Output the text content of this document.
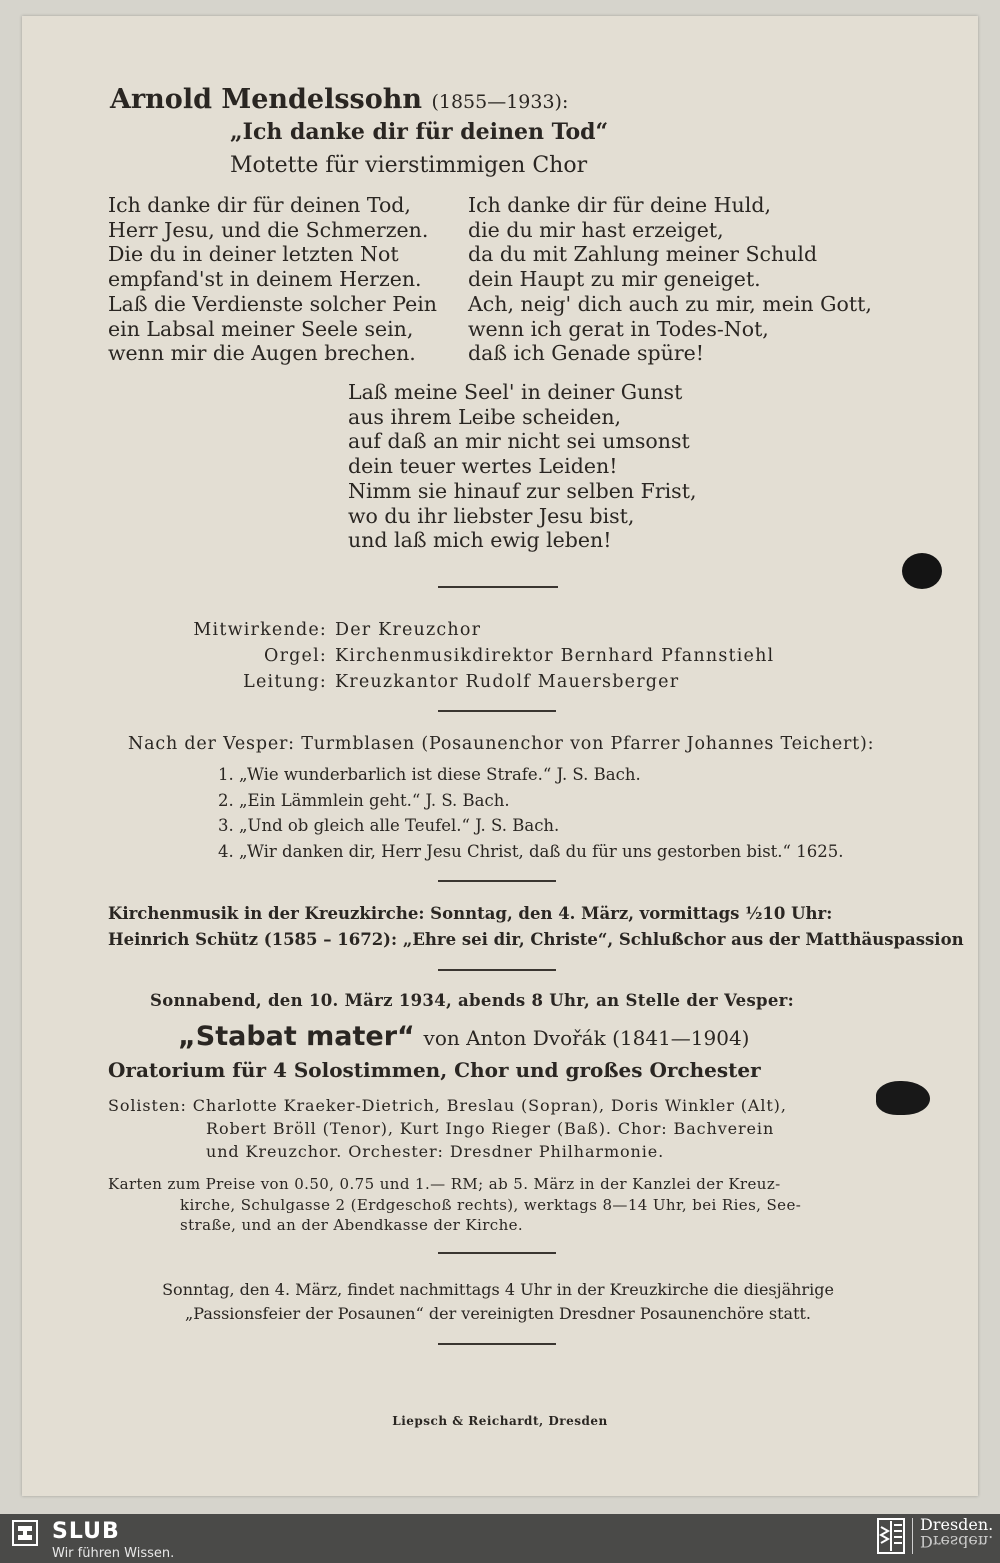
Arnold Mendelssohn (1855—1933):
„Ich danke dir für deinen Tod“
Motette für vierstimmigen Chor
Ich danke dir für deinen Tod,
Herr Jesu, und die Schmerzen.
Die du in deiner letzten Not
empfand'st in deinem Herzen.
Laß die Verdienste solcher Pein
ein Labsal meiner Seele sein,
wenn mir die Augen brechen.
Ich danke dir für deine Huld,
die du mir hast erzeiget,
da du mit Zahlung meiner Schuld
dein Haupt zu mir geneiget.
Ach, neig' dich auch zu mir, mein Gott,
wenn ich gerat in Todes-Not,
daß ich Genade spüre!
Laß meine Seel' in deiner Gunst
aus ihrem Leibe scheiden,
auf daß an mir nicht sei umsonst
dein teuer wertes Leiden!
Nimm sie hinauf zur selben Frist,
wo du ihr liebster Jesu bist,
und laß mich ewig leben!
Mitwirkende: Der Kreuzchor
Orgel: Kirchenmusikdirektor Bernhard Pfannstiehl
Leitung: Kreuzkantor Rudolf Mauersberger
Nach der Vesper: Turmblasen (Posaunenchor von Pfarrer Johannes Teichert):
1. „Wie wunderbarlich ist diese Strafe.“ J. S. Bach.
2. „Ein Lämmlein geht.“ J. S. Bach.
3. „Und ob gleich alle Teufel.“ J. S. Bach.
4. „Wir danken dir, Herr Jesu Christ, daß du für uns gestorben bist.“ 1625.
Kirchenmusik in der Kreuzkirche: Sonntag, den 4. März, vormittags ½10 Uhr:
Heinrich Schütz (1585 – 1672): „Ehre sei dir, Christe“, Schlußchor aus der Matthäuspassion
Sonnabend, den 10. März 1934, abends 8 Uhr, an Stelle der Vesper:
„Stabat mater“ von Anton Dvořák (1841—1904)
Oratorium für 4 Solostimmen, Chor und großes Orchester
Solisten: Charlotte Kraeker-Dietrich, Breslau (Sopran), Doris Winkler (Alt),
Robert Bröll (Tenor), Kurt Ingo Rieger (Baß). Chor: Bachverein
und Kreuzchor. Orchester: Dresdner Philharmonie.
Karten zum Preise von 0.50, 0.75 und 1.— RM; ab 5. März in der Kanzlei der Kreuz-
kirche, Schulgasse 2 (Erdgeschoß rechts), werktags 8—14 Uhr, bei Ries, See-
straße, und an der Abendkasse der Kirche.
Sonntag, den 4. März, findet nachmittags 4 Uhr in der Kreuzkirche die diesjährige
„Passionsfeier der Posaunen“ der vereinigten Dresdner Posaunenchöre statt.
Liepsch & Reichardt, Dresden
SLUB
Wir führen Wissen.
Dresden.
Dresden.
